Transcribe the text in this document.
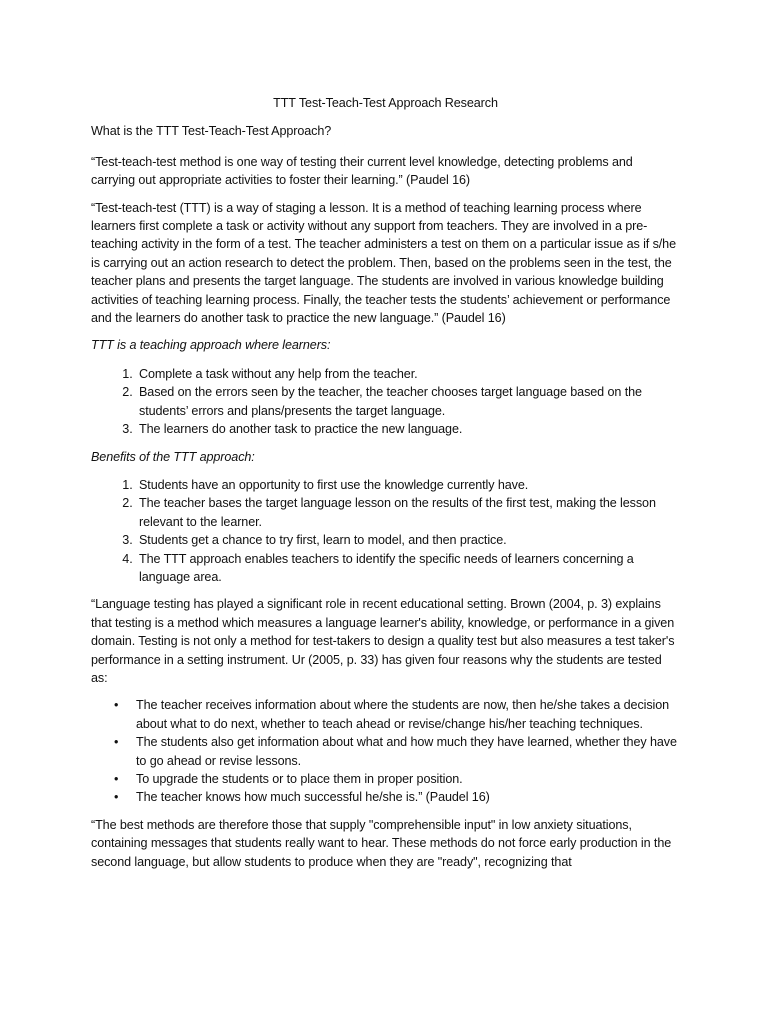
TTT Test-Teach-Test Approach Research
What is the TTT Test-Teach-Test Approach?

“Test-teach-test method is one way of testing their current level knowledge, detecting problems and carrying out appropriate activities to foster their learning.” (Paudel 16)

“Test-teach-test (TTT) is a way of staging a lesson. It is a method of teaching learning process where learners first complete a task or activity without any support from teachers. They are involved in a pre-teaching activity in the form of a test. The teacher administers a test on them on a particular issue as if s/he is carrying out an action research to detect the problem. Then, based on the problems seen in the test, the teacher plans and presents the target language. The students are involved in various knowledge building activities of teaching learning process. Finally, the teacher tests the students’ achievement or performance and the learners do another task to practice the new language.” (Paudel 16)

TTT is a teaching approach where learners:
1. Complete a task without any help from the teacher.
2. Based on the errors seen by the teacher, the teacher chooses target language based on the students’ errors and plans/presents the target language.
3. The learners do another task to practice the new language.
Benefits of the TTT approach:
1. Students have an opportunity to first use the knowledge currently have.
2. The teacher bases the target language lesson on the results of the first test, making the lesson relevant to the learner.
3. Students get a chance to try first, learn to model, and then practice.
4. The TTT approach enables teachers to identify the specific needs of learners concerning a language area.

“Language testing has played a significant role in recent educational setting. Brown (2004, p. 3) explains that testing is a method which measures a language learner's ability, knowledge, or performance in a given domain. Testing is not only a method for test-takers to design a quality test but also measures a test taker's performance in a setting instrument. Ur (2005, p. 33) has given four reasons why the students are tested as:

• The teacher receives information about where the students are now, then he/she takes a decision about what to do next, whether to teach ahead or revise/change his/her teaching techniques.
• The students also get information about what and how much they have learned, whether they have to go ahead or revise lessons.
• To upgrade the students or to place them in proper position.
• The teacher knows how much successful he/she is.” (Paudel 16)

“The best methods are therefore those that supply "comprehensible input" in low anxiety situations, containing messages that students really want to hear. These methods do not force early production in the second language, but allow students to produce when they are "ready", recognizing that
